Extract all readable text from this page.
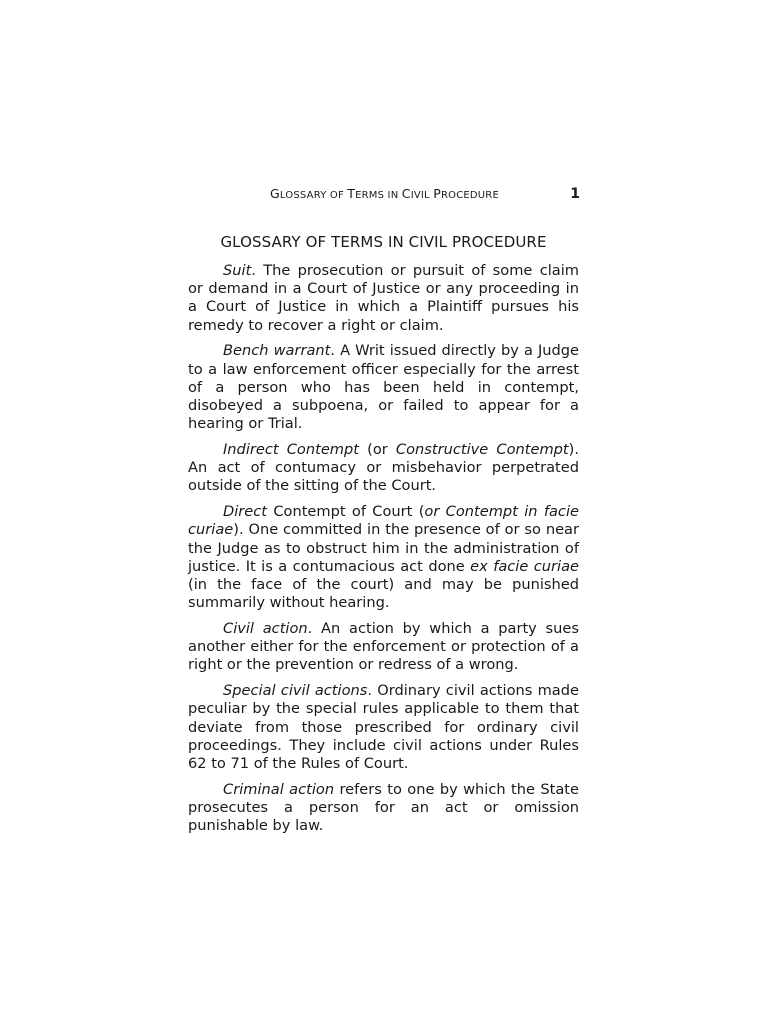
GLOSSARY OF TERMS IN CIVIL PROCEDURE	1
GLOSSARY OF TERMS IN CIVIL PROCEDURE

Suit. The prosecution or pursuit of some claim or demand in a Court of Justice or any proceeding in a Court of Justice in which a Plaintiff pursues his remedy to recover a right or claim.

Bench warrant. A Writ issued directly by a Judge to a law enforcement officer especially for the arrest of a person who has been held in contempt, disobeyed a subpoena, or failed to appear for a hearing or Trial.

Indirect Contempt (or Constructive Contempt). An act of contumacy or misbehavior perpetrated outside of the sitting of the Court.

Direct Contempt of Court (or Contempt in facie curiae). One committed in the presence of or so near the Judge as to obstruct him in the administration of justice. It is a contumacious act done ex facie curiae (in the face of the court) and may be punished summarily without hearing.

Civil action. An action by which a party sues another either for the enforcement or protection of a right or the prevention or redress of a wrong.

Special civil actions. Ordinary civil actions made peculiar by the special rules applicable to them that deviate from those prescribed for ordinary civil proceedings. They include civil actions under Rules 62 to 71 of the Rules of Court.

Criminal action refers to one by which the State prosecutes a person for an act or omission punishable by law.
